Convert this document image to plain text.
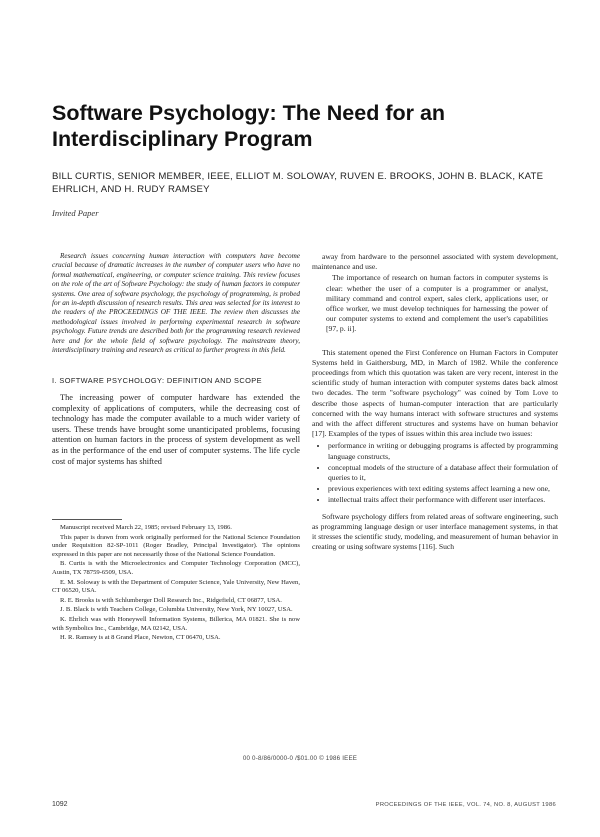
Software Psychology: The Need for an Interdisciplinary Program

BILL CURTIS, SENIOR MEMBER, IEEE, ELLIOT M. SOLOWAY, RUVEN E. BROOKS, JOHN B. BLACK, KATE EHRLICH, AND H. RUDY RAMSEY

Invited Paper

Research issues concerning human interaction with computers have become crucial because of dramatic increases in the number of computer users who have no formal mathematical, engineering, or computer science training. This review focuses on the role of the art of Software Psychology: the study of human factors in computer systems. One area of software psychology, the psychology of programming, is probed for an in-depth discussion of research results. This area was selected for its interest to the readers of the PROCEEDINGS OF THE IEEE. The review then discusses the methodological issues involved in performing experimental research in software psychology. Future trends are described both for the programming research reviewed here and for the whole field of software psychology. The mainstream theory, interdisciplinary training and research as critical to further progress in this field.

I. SOFTWARE PSYCHOLOGY: DEFINITION AND SCOPE

The increasing power of computer hardware has extended the complexity of applications of computers, while the decreasing cost of technology has made the computer available to a much wider variety of users. These trends have brought some unanticipated problems, focusing attention on human factors in the process of system development as well as in the performance of the end user of computer systems. The life cycle cost of major systems has shifted

Manuscript received March 22, 1985; revised February 13, 1986.

This paper is drawn from work originally performed for the National Science Foundation under Requisition 82-SP-1011 (Roger Bradley, Principal Investigator). The opinions expressed in this paper are not necessarily those of the National Science Foundation.

B. Curtis is with the Microelectronics and Computer Technology Corporation (MCC), Austin, TX 78759-6509, USA.

E. M. Soloway is with the Department of Computer Science, Yale University, New Haven, CT 06520, USA.

R. E. Brooks is with Schlumberger Doll Research Inc., Ridgefield, CT 06877, USA.

J. B. Black is with Teachers College, Columbia University, New York, NY 10027, USA.

K. Ehrlich was with Honeywell Information Systems, Billerica, MA 01821. She is now with Symbolics Inc., Cambridge, MA 02142, USA.

H. R. Ramsey is at 8 Grand Place, Newton, CT 06470, USA.

away from hardware to the personnel associated with system development, maintenance and use.

The importance of research on human factors in computer systems is clear: whether the user of a computer is a programmer or analyst, military command and control expert, sales clerk, applications user, or office worker, we must develop techniques for harnessing the power of our computer systems to extend and complement the user's capabilities [97, p. ii].

This statement opened the First Conference on Human Factors in Computer Systems held in Gaithersburg, MD, in March of 1982. While the conference proceedings from which this quotation was taken are very recent, interest in the scientific study of human interaction with computer systems dates back almost two decades. The term "software psychology" was coined by Tom Love to describe those aspects of human-computer interaction that are particularly concerned with the way humans interact with software structures and systems and with the affect different structures and systems have on human behavior [17]. Examples of the types of issues within this area include two issues:

• performance in writing or debugging programs is affected by programming language constructs,
• conceptual models of the structure of a database affect their formulation of queries to it,
• previous experiences with text editing systems affect learning a new one,
• intellectual traits affect their performance with different user interfaces.

Software psychology differs from related areas of software engineering, such as programming language design or user interface management systems, in that it stresses the scientific study, modeling, and measurement of human behavior in creating or using software systems [116]. Such

00 0-8/86/0000-0 /$01.00 © 1986 IEEE
1092	PROCEEDINGS OF THE IEEE, VOL. 74, NO. 8, AUGUST 1986
